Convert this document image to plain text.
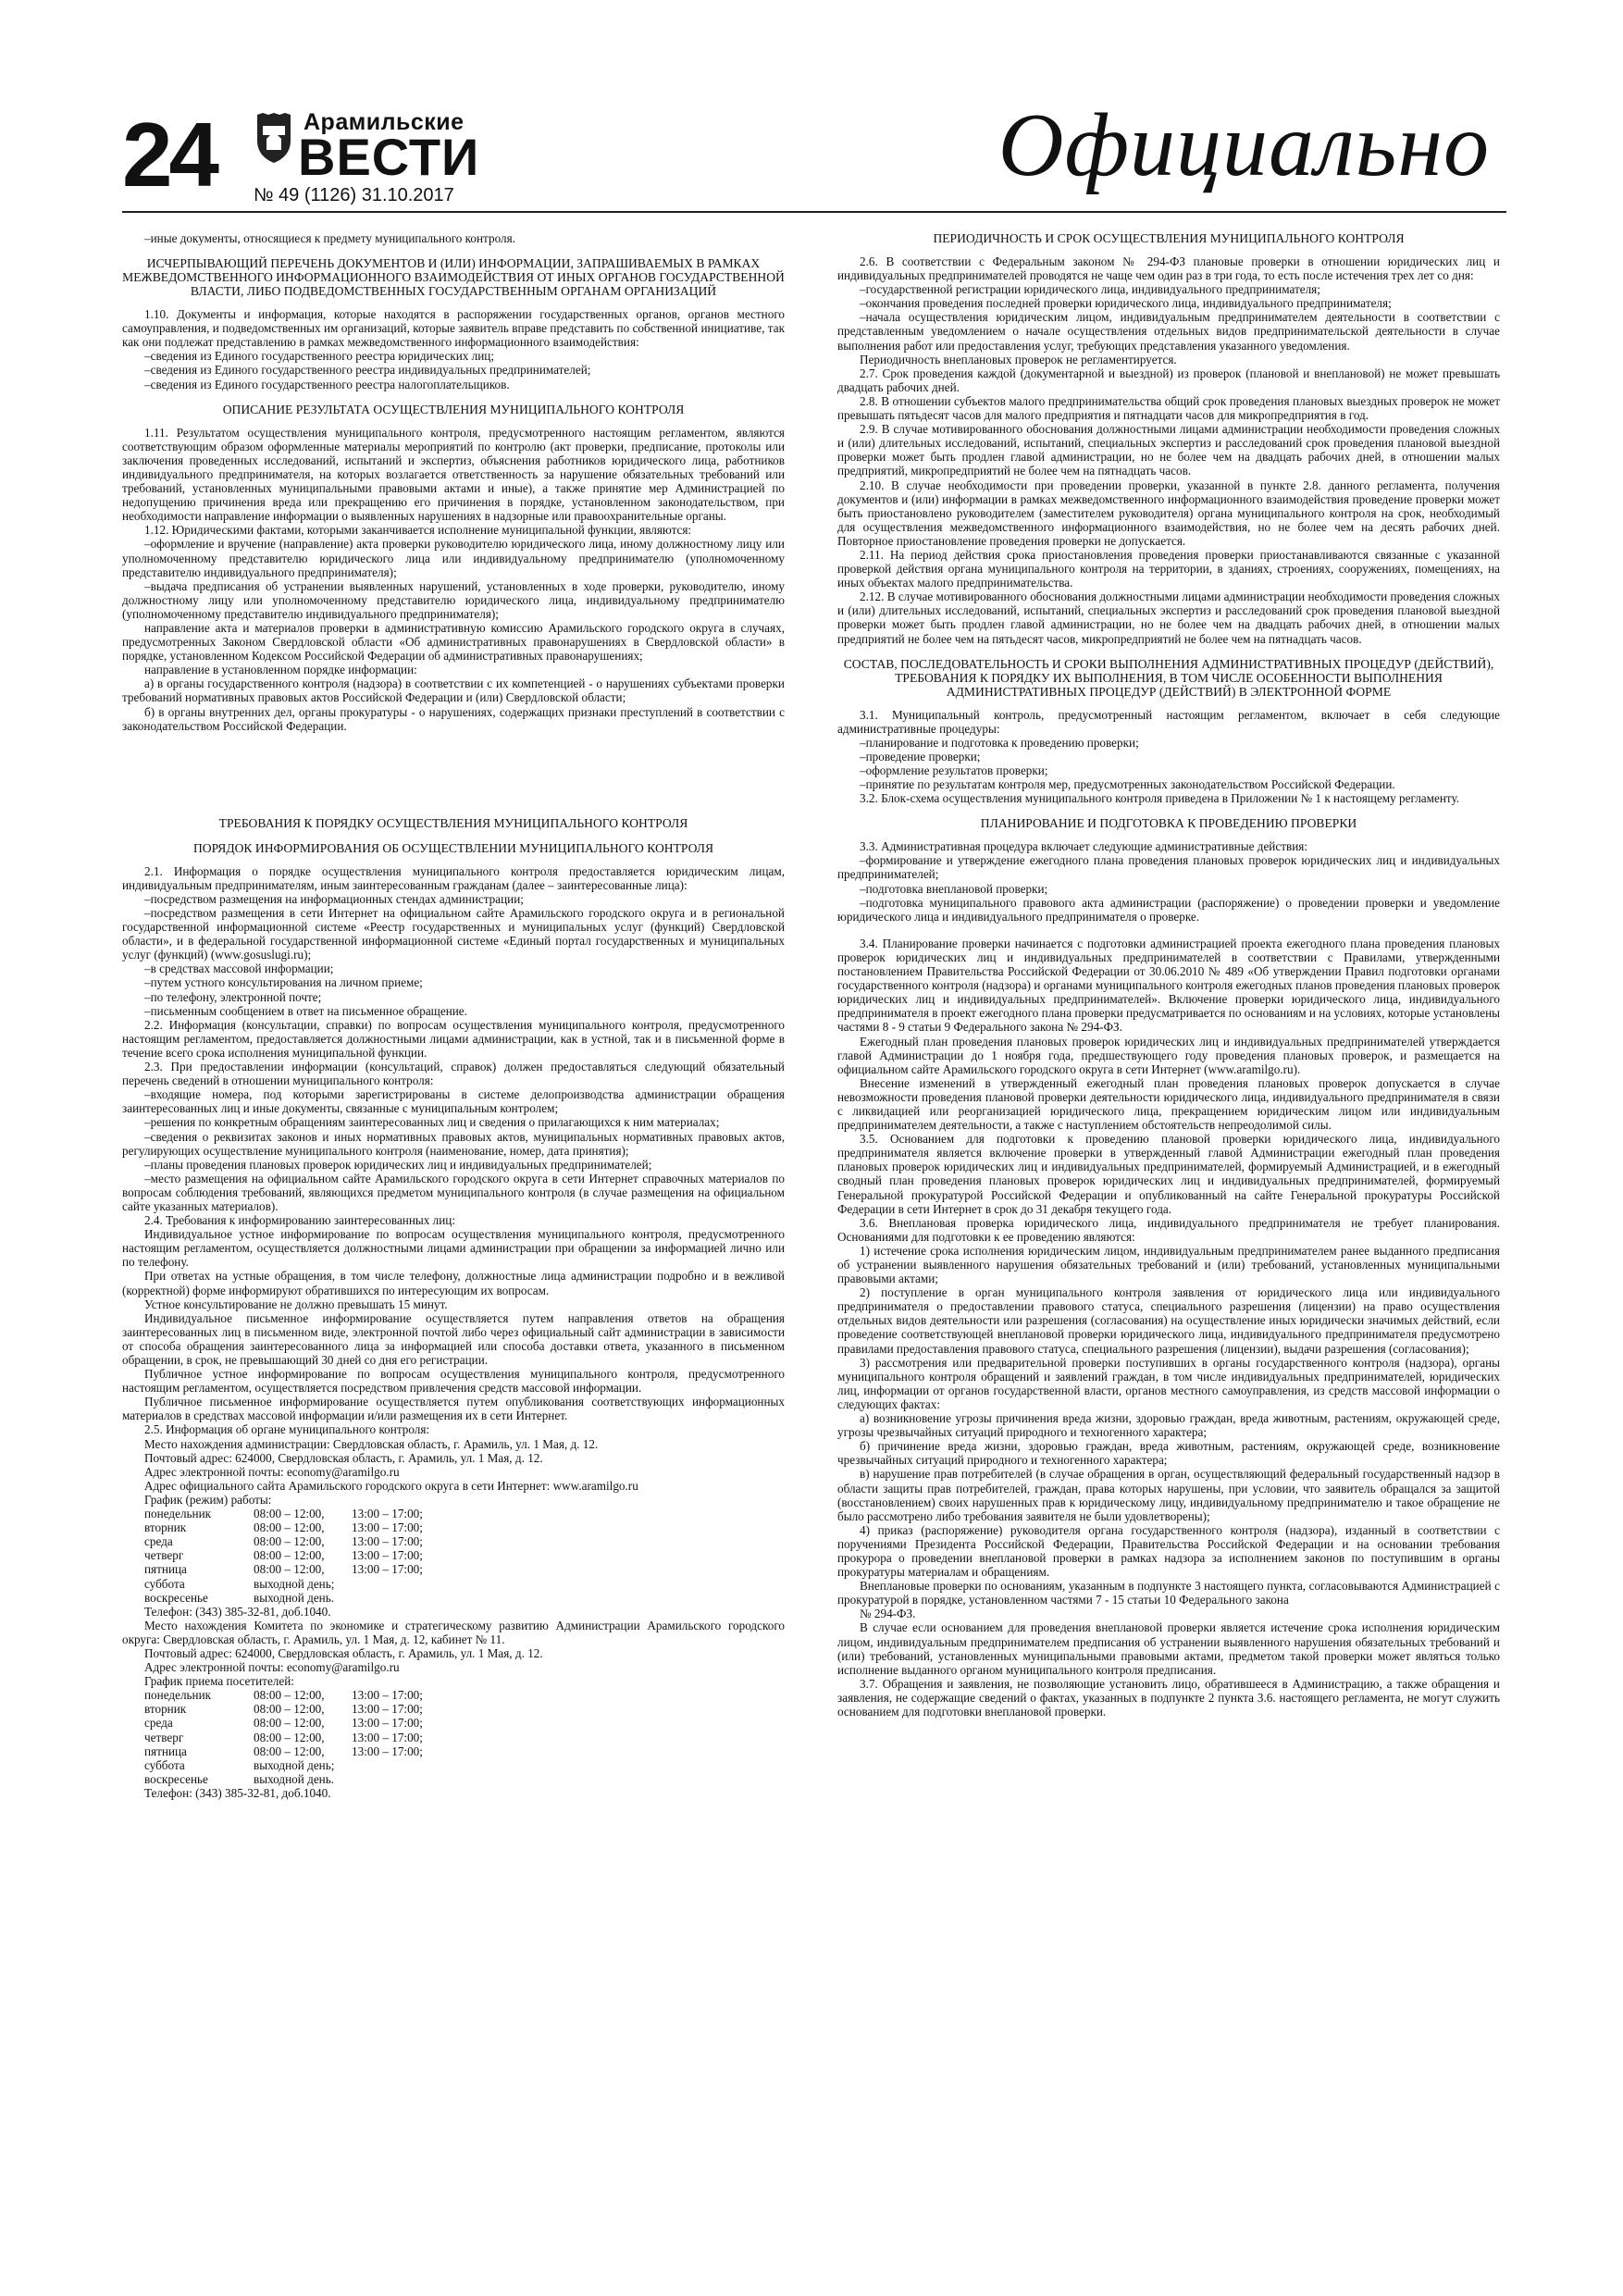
24	Арамильские
ВЕСТИ
№ 49 (1126) 31.10.2017	Официально

–иные документы, относящиеся к предмету муниципального контроля.

ИСЧЕРПЫВАЮЩИЙ ПЕРЕЧЕНЬ ДОКУМЕНТОВ И (ИЛИ) ИНФОРМАЦИИ, ЗАПРАШИВАЕМЫХ В РАМКАХ МЕЖВЕДОМСТВЕННОГО ИНФОРМАЦИОННОГО ВЗАИМОДЕЙСТВИЯ ОТ ИНЫХ ОРГАНОВ ГОСУДАРСТВЕННОЙ ВЛАСТИ, ЛИБО ПОДВЕДОМСТВЕННЫХ ГОСУДАРСТВЕННЫМ ОРГАНАМ ОРГАНИЗАЦИЙ

1.10. Документы и информация, которые находятся в распоряжении государственных органов, органов местного самоуправления, и подведомственных им организаций, которые заявитель вправе представить по собственной инициативе, так как они подлежат представлению в рамках межведомственного информационного взаимодействия:

–сведения из Единого государственного реестра юридических лиц;

–сведения из Единого государственного реестра индивидуальных предпринимателей;

–сведения из Единого государственного реестра налогоплательщиков.

ОПИСАНИЕ РЕЗУЛЬТАТА ОСУЩЕСТВЛЕНИЯ МУНИЦИПАЛЬНОГО КОНТРОЛЯ

1.11. Результатом осуществления муниципального контроля, предусмотренного настоящим регламентом, являются соответствующим образом оформленные материалы мероприятий по контролю (акт проверки, предписание, протоколы или заключения проведенных исследований, испытаний и экспертиз, объяснения работников юридического лица, работников индивидуального предпринимателя, на которых возлагается ответственность за нарушение обязательных требований или требований, установленных муниципальными правовыми актами и иные), а также принятие мер Администрацией по недопущению причинения вреда или прекращению его причинения в порядке, установленном законодательством, при необходимости направление информации о выявленных нарушениях в надзорные или правоохранительные органы.

1.12. Юридическими фактами, которыми заканчивается исполнение муниципальной функции, являются:

–оформление и вручение (направление) акта проверки руководителю юридического лица, иному должностному лицу или уполномоченному представителю юридического лица или индивидуальному предпринимателю (уполномоченному представителю индивидуального предпринимателя);

–выдача предписания об устранении выявленных нарушений, установленных в ходе проверки, руководителю, иному должностному лицу или уполномоченному представителю юридического лица, индивидуальному предпринимателю (уполномоченному представителю индивидуального предпринимателя);

направление акта и материалов проверки в административную комиссию Арамильского городского округа в случаях, предусмотренных Законом Свердловской области «Об административных правонарушениях в Свердловской области» в порядке, установленном Кодексом Российской Федерации об административных правонарушениях;

направление в установленном порядке информации:

а) в органы государственного контроля (надзора) в соответствии с их компетенцией - о нарушениях субъектами проверки требований нормативных правовых актов Российской Федерации и (или) Свердловской области;

б) в органы внутренних дел, органы прокуратуры - о нарушениях, содержащих признаки преступлений в соответствии с законодательством Российской Федерации.

ТРЕБОВАНИЯ К ПОРЯДКУ ОСУЩЕСТВЛЕНИЯ МУНИЦИПАЛЬНОГО КОНТРОЛЯ
ПОРЯДОК ИНФОРМИРОВАНИЯ ОБ ОСУЩЕСТВЛЕНИИ МУНИЦИПАЛЬНОГО КОНТРОЛЯ

2.1. Информация о порядке осуществления муниципального контроля предоставляется юридическим лицам, индивидуальным предпринимателям, иным заинтересованным гражданам (далее – заинтересованные лица):

–посредством размещения на информационных стендах администрации;

–посредством размещения в сети Интернет на официальном сайте Арамильского городского округа и в региональной государственной информационной системе «Реестр государственных и муниципальных услуг (функций) Свердловской области», и в федеральной государственной информационной системе «Единый портал государственных и муниципальных услуг (функций) (www.gosuslugi.ru);

–в средствах массовой информации;

–путем устного консультирования на личном приеме;

–по телефону, электронной почте;

–письменным сообщением в ответ на письменное обращение.

2.2. Информация (консультации, справки) по вопросам осуществления муниципального контроля, предусмотренного настоящим регламентом, предоставляется должностными лицами администрации, как в устной, так и в письменной форме в течение всего срока исполнения муниципальной функции.

2.3. При предоставлении информации (консультаций, справок) должен предоставляться следующий обязательный перечень сведений в отношении муниципального контроля:

–входящие номера, под которыми зарегистрированы в системе делопроизводства администрации обращения заинтересованных лиц и иные документы, связанные с муниципальным контролем;

–решения по конкретным обращениям заинтересованных лиц и сведения о прилагающихся к ним материалах;

–сведения о реквизитах законов и иных нормативных правовых актов, муниципальных нормативных правовых актов, регулирующих осуществление муниципального контроля (наименование, номер, дата принятия);

–планы проведения плановых проверок юридических лиц и индивидуальных предпринимателей;

–место размещения на официальном сайте Арамильского городского округа в сети Интернет справочных материалов по вопросам соблюдения требований, являющихся предметом муниципального контроля (в случае размещения на официальном сайте указанных материалов).

2.4. Требования к информированию заинтересованных лиц:

Индивидуальное устное информирование по вопросам осуществления муниципального контроля, предусмотренного настоящим регламентом, осуществляется должностными лицами администрации при обращении за информацией лично или по телефону.

При ответах на устные обращения, в том числе телефону, должностные лица администрации подробно и в вежливой (корректной) форме информируют обратившихся по интересующим их вопросам.

Устное консультирование не должно превышать 15 минут.

Индивидуальное письменное информирование осуществляется путем направления ответов на обращения заинтересованных лиц в письменном виде, электронной почтой либо через официальный сайт администрации в зависимости от способа обращения заинтересованного лица за информацией или способа доставки ответа, указанного в письменном обращении, в срок, не превышающий 30 дней со дня его регистрации.

Публичное устное информирование по вопросам осуществления муниципального контроля, предусмотренного настоящим регламентом, осуществляется посредством привлечения средств массовой информации.

Публичное письменное информирование осуществляется путем опубликования соответствующих информационных материалов в средствах массовой информации и/или размещения их в сети Интернет.

2.5. Информация об органе муниципального контроля:

Место нахождения администрации: Свердловская область, г. Арамиль, ул. 1 Мая, д. 12.

Почтовый адрес: 624000, Свердловская область, г. Арамиль, ул. 1 Мая, д. 12.

Адрес электронной почты: economy@aramilgo.ru

Адрес официального сайта Арамильского городского округа в сети Интернет: www.aramilgo.ru

График (режим) работы:

понедельник	08:00 – 12:00,	13:00 – 17:00;
вторник	08:00 – 12:00,	13:00 – 17:00;
среда	08:00 – 12:00,	13:00 – 17:00;
четверг	08:00 – 12:00,	13:00 – 17:00;
пятница	08:00 – 12:00,	13:00 – 17:00;
суббота	выходной день;	
воскресенье	выходной день.	

Телефон: (343) 385-32-81, доб.1040.

Место нахождения Комитета по экономике и стратегическому развитию Администрации Арамильского городского округа: Свердловская область, г. Арамиль, ул. 1 Мая, д. 12, кабинет № 11.

Почтовый адрес: 624000, Свердловская область, г. Арамиль, ул. 1 Мая, д. 12.

Адрес электронной почты: economy@aramilgo.ru

График приема посетителей:

понедельник	08:00 – 12:00,	13:00 – 17:00;
вторник	08:00 – 12:00,	13:00 – 17:00;
среда	08:00 – 12:00,	13:00 – 17:00;
четверг	08:00 – 12:00,	13:00 – 17:00;
пятница	08:00 – 12:00,	13:00 – 17:00;
суббота	выходной день;	
воскресенье	выходной день.	

Телефон: (343) 385-32-81, доб.1040.

ПЕРИОДИЧНОСТЬ И СРОК ОСУЩЕСТВЛЕНИЯ МУНИЦИПАЛЬНОГО КОНТРОЛЯ

2.6. В соответствии с Федеральным законом № 294-ФЗ плановые проверки в отношении юридических лиц и индивидуальных предпринимателей проводятся не чаще чем один раз в три года, то есть после истечения трех лет со дня:

–государственной регистрации юридического лица, индивидуального предпринимателя;

–окончания проведения последней проверки юридического лица, индивидуального предпринимателя;

–начала осуществления юридическим лицом, индивидуальным предпринимателем деятельности в соответствии с представленным уведомлением о начале осуществления отдельных видов предпринимательской деятельности в случае выполнения работ или предоставления услуг, требующих представления указанного уведомления.

Периодичность внеплановых проверок не регламентируется.

2.7. Срок проведения каждой (документарной и выездной) из проверок (плановой и внеплановой) не может превышать двадцать рабочих дней.

2.8. В отношении субъектов малого предпринимательства общий срок проведения плановых выездных проверок не может превышать пятьдесят часов для малого предприятия и пятнадцати часов для микропредприятия в год.

2.9. В случае мотивированного обоснования должностными лицами администрации необходимости проведения сложных и (или) длительных исследований, испытаний, специальных экспертиз и расследований срок проведения плановой выездной проверки может быть продлен главой администрации, но не более чем на двадцать рабочих дней, в отношении малых предприятий, микропредприятий не более чем на пятнадцать часов.

2.10. В случае необходимости при проведении проверки, указанной в пункте 2.8. данного регламента, получения документов и (или) информации в рамках межведомственного информационного взаимодействия проведение проверки может быть приостановлено руководителем (заместителем руководителя) органа муниципального контроля на срок, необходимый для осуществления межведомственного информационного взаимодействия, но не более чем на десять рабочих дней. Повторное приостановление проведения проверки не допускается.

2.11. На период действия срока приостановления проведения проверки приостанавливаются связанные с указанной проверкой действия органа муниципального контроля на территории, в зданиях, строениях, сооружениях, помещениях, на иных объектах малого предпринимательства.

2.12. В случае мотивированного обоснования должностными лицами администрации необходимости проведения сложных и (или) длительных исследований, испытаний, специальных экспертиз и расследований срок проведения плановой выездной проверки может быть продлен главой администрации, но не более чем на двадцать рабочих дней, в отношении малых предприятий не более чем на пятьдесят часов, микропредприятий не более чем на пятнадцать часов.

СОСТАВ, ПОСЛЕДОВАТЕЛЬНОСТЬ И СРОКИ ВЫПОЛНЕНИЯ АДМИНИСТРАТИВНЫХ ПРОЦЕДУР (ДЕЙСТВИЙ), ТРЕБОВАНИЯ К ПОРЯДКУ ИХ ВЫПОЛНЕНИЯ, В ТОМ ЧИСЛЕ ОСОБЕННОСТИ ВЫПОЛНЕНИЯ АДМИНИСТРАТИВНЫХ ПРОЦЕДУР (ДЕЙСТВИЙ) В ЭЛЕКТРОННОЙ ФОРМЕ

3.1. Муниципальный контроль, предусмотренный настоящим регламентом, включает в себя следующие административные процедуры:

–планирование и подготовка к проведению проверки;

–проведение проверки;

–оформление результатов проверки;

–принятие по результатам контроля мер, предусмотренных законодательством Российской Федерации.

3.2. Блок-схема осуществления муниципального контроля приведена в Приложении № 1 к настоящему регламенту.

ПЛАНИРОВАНИЕ И ПОДГОТОВКА К ПРОВЕДЕНИЮ ПРОВЕРКИ

3.3. Административная процедура включает следующие административные действия:

–формирование и утверждение ежегодного плана проведения плановых проверок юридических лиц и индивидуальных предпринимателей;

–подготовка внеплановой проверки;

–подготовка муниципального правового акта администрации (распоряжение) о проведении проверки и уведомление юридического лица и индивидуального предпринимателя о проверке.

3.4. Планирование проверки начинается с подготовки администрацией проекта ежегодного плана проведения плановых проверок юридических лиц и индивидуальных предпринимателей в соответствии с Правилами, утвержденными постановлением Правительства Российской Федерации от 30.06.2010 № 489 «Об утверждении Правил подготовки органами государственного контроля (надзора) и органами муниципального контроля ежегодных планов проведения плановых проверок юридических лиц и индивидуальных предпринимателей». Включение проверки юридического лица, индивидуального предпринимателя в проект ежегодного плана проверки предусматривается по основаниям и на условиях, которые установлены частями 8 - 9 статьи 9 Федерального закона № 294-ФЗ.

Ежегодный план проведения плановых проверок юридических лиц и индивидуальных предпринимателей утверждается главой Администрации до 1 ноября года, предшествующего году проведения плановых проверок, и размещается на официальном сайте Арамильского городского округа в сети Интернет (www.aramilgo.ru).

Внесение изменений в утвержденный ежегодный план проведения плановых проверок допускается в случае невозможности проведения плановой проверки деятельности юридического лица, индивидуального предпринимателя в связи с ликвидацией или реорганизацией юридического лица, прекращением юридическим лицом или индивидуальным предпринимателем деятельности, а также с наступлением обстоятельств непреодолимой силы.

3.5. Основанием для подготовки к проведению плановой проверки юридического лица, индивидуального предпринимателя является включение проверки в утвержденный главой Администрации ежегодный план проведения плановых проверок юридических лиц и индивидуальных предпринимателей, формируемый Администрацией, и в ежегодный сводный план проведения плановых проверок юридических лиц и индивидуальных предпринимателей, формируемый Генеральной прокуратурой Российской Федерации и опубликованный на сайте Генеральной прокуратуры Российской Федерации в сети Интернет в срок до 31 декабря текущего года.

3.6. Внеплановая проверка юридического лица, индивидуального предпринимателя не требует планирования. Основаниями для подготовки к ее проведению являются:

1) истечение срока исполнения юридическим лицом, индивидуальным предпринимателем ранее выданного предписания об устранении выявленного нарушения обязательных требований и (или) требований, установленных муниципальными правовыми актами;

2) поступление в орган муниципального контроля заявления от юридического лица или индивидуального предпринимателя о предоставлении правового статуса, специального разрешения (лицензии) на право осуществления отдельных видов деятельности или разрешения (согласования) на осуществление иных юридически значимых действий, если проведение соответствующей внеплановой проверки юридического лица, индивидуального предпринимателя предусмотрено правилами предоставления правового статуса, специального разрешения (лицензии), выдачи разрешения (согласования);

3) рассмотрения или предварительной проверки поступивших в органы государственного контроля (надзора), органы муниципального контроля обращений и заявлений граждан, в том числе индивидуальных предпринимателей, юридических лиц, информации от органов государственной власти, органов местного самоуправления, из средств массовой информации о следующих фактах:

а) возникновение угрозы причинения вреда жизни, здоровью граждан, вреда животным, растениям, окружающей среде, угрозы чрезвычайных ситуаций природного и техногенного характера;

б) причинение вреда жизни, здоровью граждан, вреда животным, растениям, окружающей среде, возникновение чрезвычайных ситуаций природного и техногенного характера;

в) нарушение прав потребителей (в случае обращения в орган, осуществляющий федеральный государственный надзор в области защиты прав потребителей, граждан, права которых нарушены, при условии, что заявитель обращался за защитой (восстановлением) своих нарушенных прав к юридическому лицу, индивидуальному предпринимателю и такое обращение не было рассмотрено либо требования заявителя не были удовлетворены);

4) приказ (распоряжение) руководителя органа государственного контроля (надзора), изданный в соответствии с поручениями Президента Российской Федерации, Правительства Российской Федерации и на основании требования прокурора о проведении внеплановой проверки в рамках надзора за исполнением законов по поступившим в органы прокуратуры материалам и обращениям.

Внеплановые проверки по основаниям, указанным в подпункте 3 настоящего пункта, согласовываются Администрацией с прокуратурой в порядке, установленном частями 7 - 15 статьи 10 Федерального закона

№ 294-ФЗ.

В случае если основанием для проведения внеплановой проверки является истечение срока исполнения юридическим лицом, индивидуальным предпринимателем предписания об устранении выявленного нарушения обязательных требований и (или) требований, установленных муниципальными правовыми актами, предметом такой проверки может являться только исполнение выданного органом муниципального контроля предписания.

3.7. Обращения и заявления, не позволяющие установить лицо, обратившееся в Администрацию, а также обращения и заявления, не содержащие сведений о фактах, указанных в подпункте 2 пункта 3.6. настоящего регламента, не могут служить основанием для подготовки внеплановой проверки.
